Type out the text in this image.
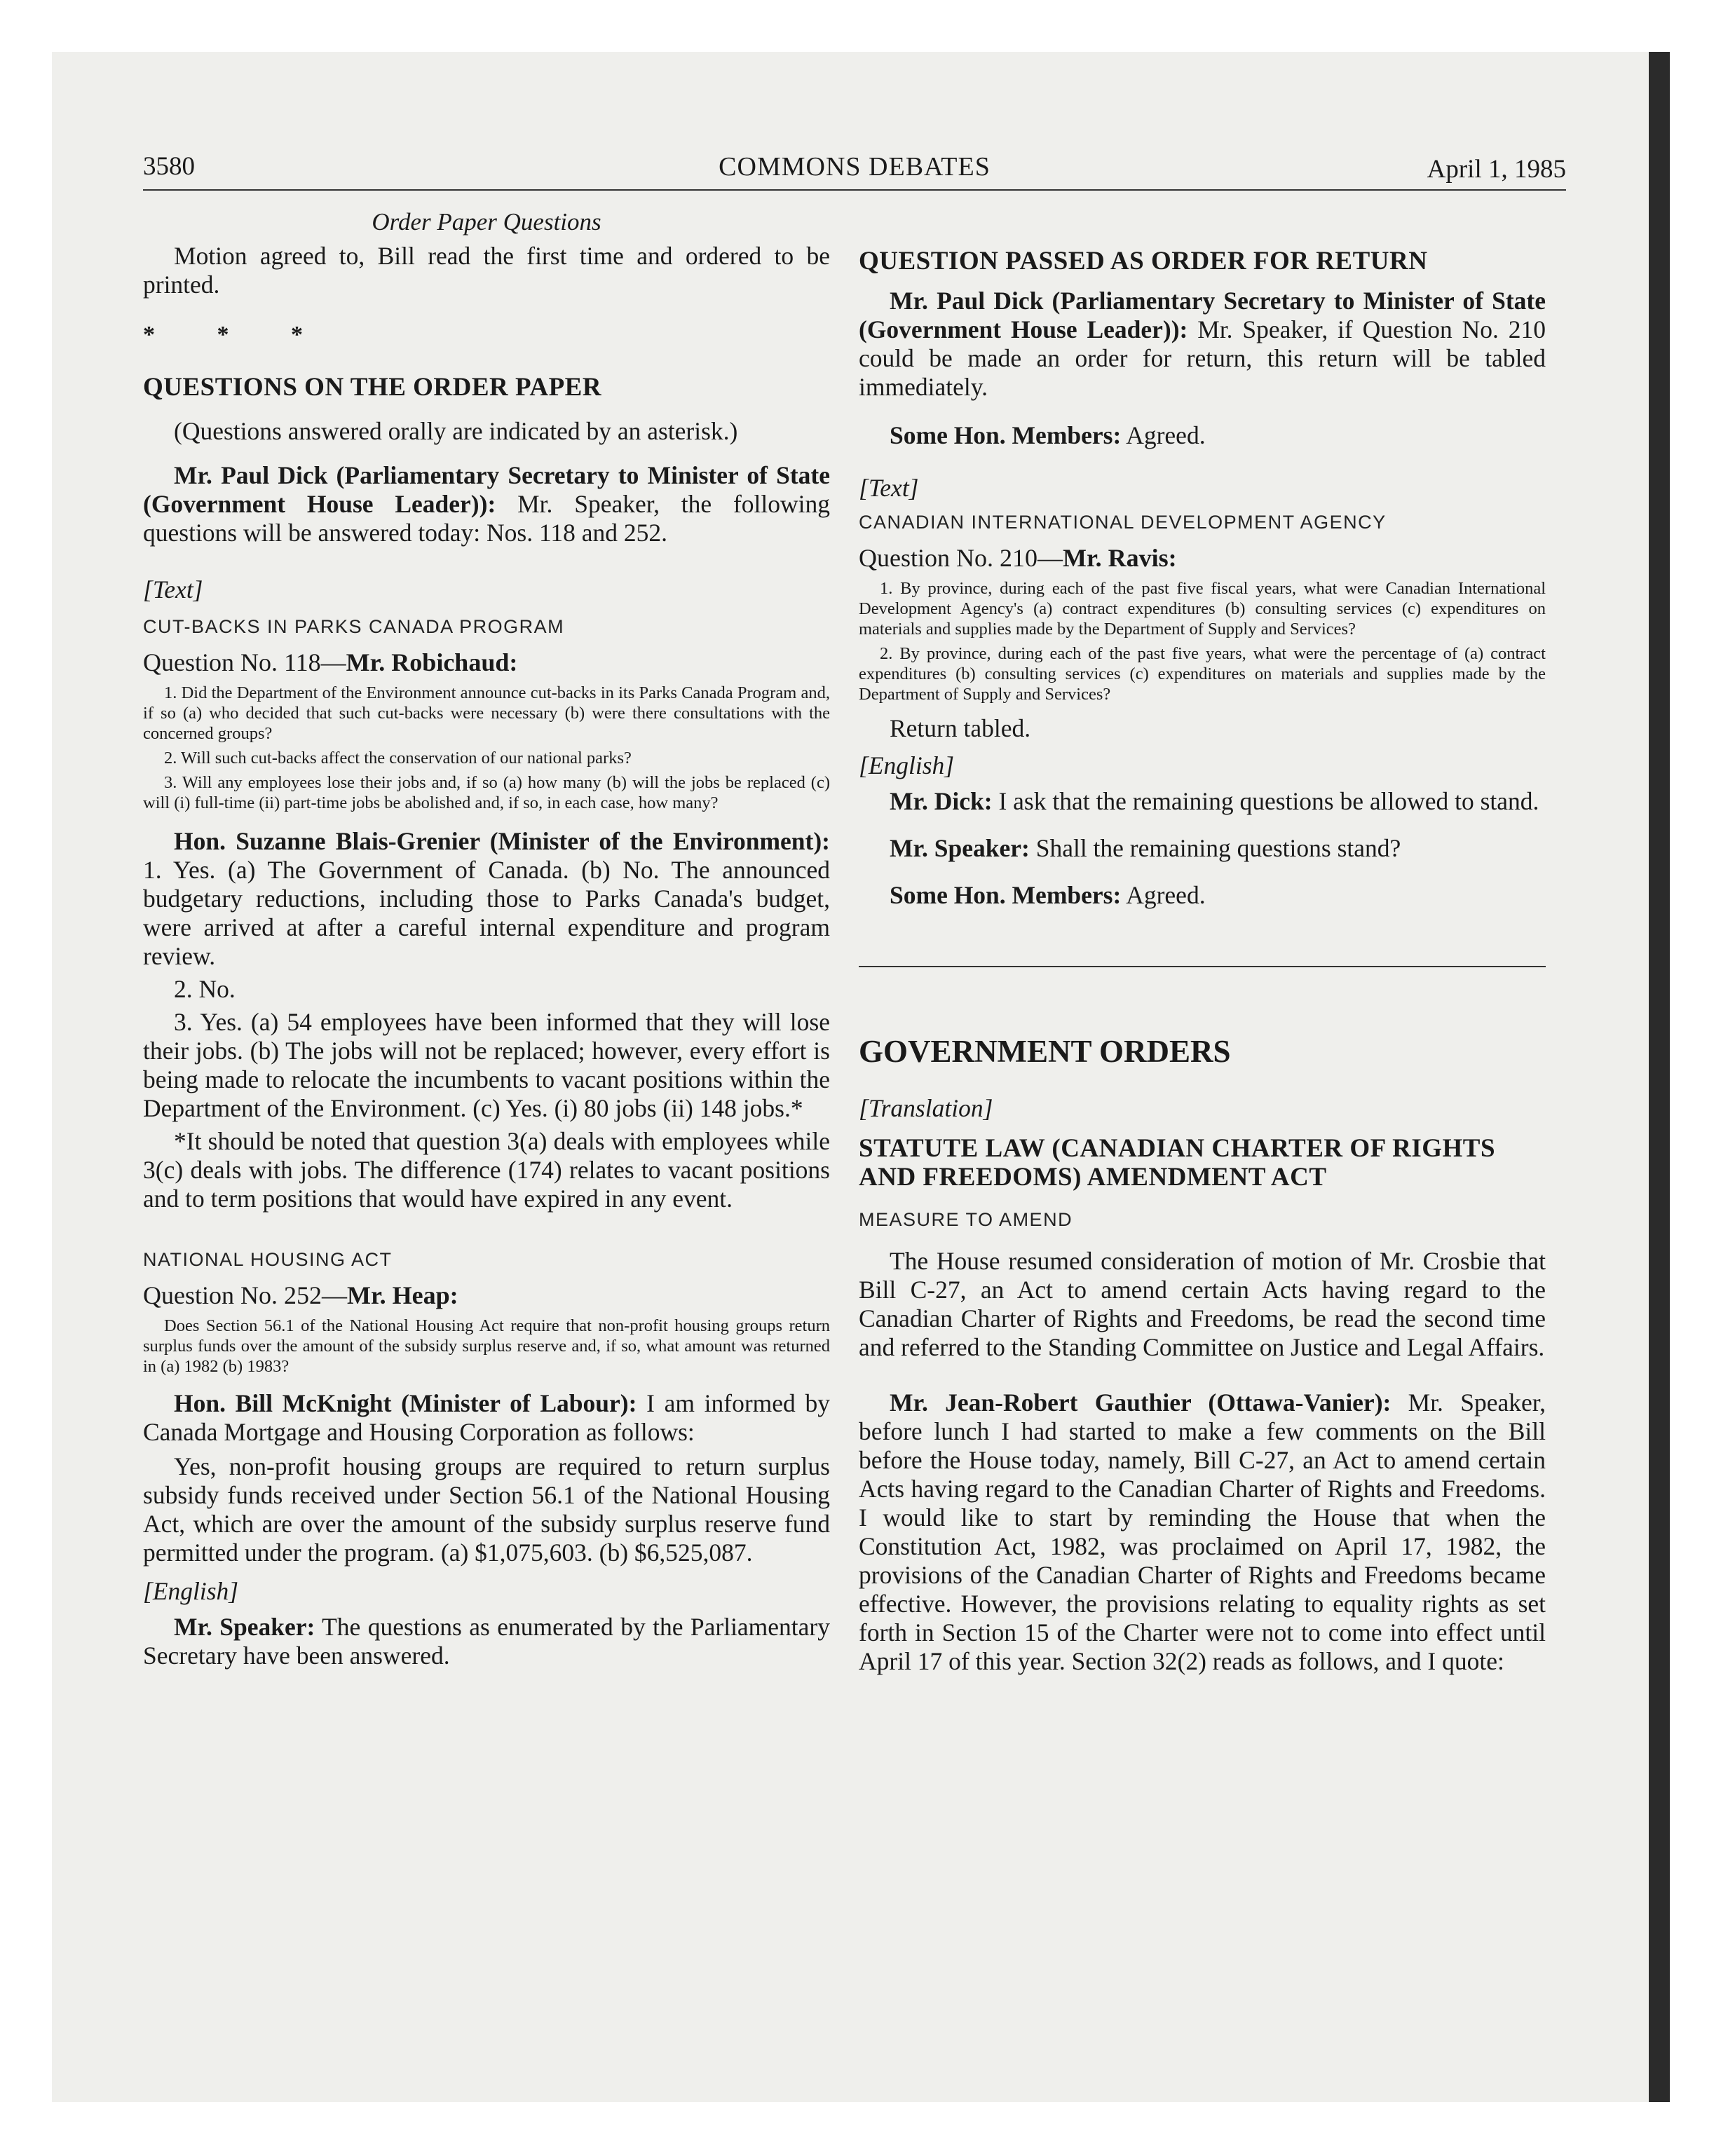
3580	COMMONS DEBATES	April 1, 1985

Order Paper Questions

Motion agreed to, Bill read the first time and ordered to be printed.

* * *

QUESTIONS ON THE ORDER PAPER

(Questions answered orally are indicated by an asterisk.)

Mr. Paul Dick (Parliamentary Secretary to Minister of State (Government House Leader)): Mr. Speaker, the following questions will be answered today: Nos. 118 and 252.

[Text]

CUT-BACKS IN PARKS CANADA PROGRAM

Question No. 118—Mr. Robichaud:

1. Did the Department of the Environment announce cut-backs in its Parks Canada Program and, if so (a) who decided that such cut-backs were necessary (b) were there consultations with the concerned groups?

2. Will such cut-backs affect the conservation of our national parks?

3. Will any employees lose their jobs and, if so (a) how many (b) will the jobs be replaced (c) will (i) full-time (ii) part-time jobs be abolished and, if so, in each case, how many?

Hon. Suzanne Blais-Grenier (Minister of the Environment): 1. Yes. (a) The Government of Canada. (b) No. The announced budgetary reductions, including those to Parks Canada's budget, were arrived at after a careful internal expenditure and program review.

2. No.

3. Yes. (a) 54 employees have been informed that they will lose their jobs. (b) The jobs will not be replaced; however, every effort is being made to relocate the incumbents to vacant positions within the Department of the Environment. (c) Yes. (i) 80 jobs (ii) 148 jobs.*

*It should be noted that question 3(a) deals with employees while 3(c) deals with jobs. The difference (174) relates to vacant positions and to term positions that would have expired in any event.

NATIONAL HOUSING ACT

Question No. 252—Mr. Heap:

Does Section 56.1 of the National Housing Act require that non-profit housing groups return surplus funds over the amount of the subsidy surplus reserve and, if so, what amount was returned in (a) 1982 (b) 1983?

Hon. Bill McKnight (Minister of Labour): I am informed by Canada Mortgage and Housing Corporation as follows:

Yes, non-profit housing groups are required to return surplus subsidy funds received under Section 56.1 of the National Housing Act, which are over the amount of the subsidy surplus reserve fund permitted under the program. (a) $1,075,603. (b) $6,525,087.

[English]

Mr. Speaker: The questions as enumerated by the Parliamentary Secretary have been answered.

QUESTION PASSED AS ORDER FOR RETURN

Mr. Paul Dick (Parliamentary Secretary to Minister of State (Government House Leader)): Mr. Speaker, if Question No. 210 could be made an order for return, this return will be tabled immediately.

Some Hon. Members: Agreed.

[Text]

CANADIAN INTERNATIONAL DEVELOPMENT AGENCY

Question No. 210—Mr. Ravis:

1. By province, during each of the past five fiscal years, what were Canadian International Development Agency's (a) contract expenditures (b) consulting services (c) expenditures on materials and supplies made by the Department of Supply and Services?

2. By province, during each of the past five years, what were the percentage of (a) contract expenditures (b) consulting services (c) expenditures on materials and supplies made by the Department of Supply and Services?

Return tabled.

[English]

Mr. Dick: I ask that the remaining questions be allowed to stand.

Mr. Speaker: Shall the remaining questions stand?

Some Hon. Members: Agreed.

GOVERNMENT ORDERS

[Translation]

STATUTE LAW (CANADIAN CHARTER OF RIGHTS

AND FREEDOMS) AMENDMENT ACT

MEASURE TO AMEND

The House resumed consideration of motion of Mr. Crosbie that Bill C-27, an Act to amend certain Acts having regard to the Canadian Charter of Rights and Freedoms, be read the second time and referred to the Standing Committee on Justice and Legal Affairs.

Mr. Jean-Robert Gauthier (Ottawa-Vanier): Mr. Speaker, before lunch I had started to make a few comments on the Bill before the House today, namely, Bill C-27, an Act to amend certain Acts having regard to the Canadian Charter of Rights and Freedoms. I would like to start by reminding the House that when the Constitution Act, 1982, was proclaimed on April 17, 1982, the provisions of the Canadian Charter of Rights and Freedoms became effective. However, the provisions relating to equality rights as set forth in Section 15 of the Charter were not to come into effect until April 17 of this year. Section 32(2) reads as follows, and I quote:
